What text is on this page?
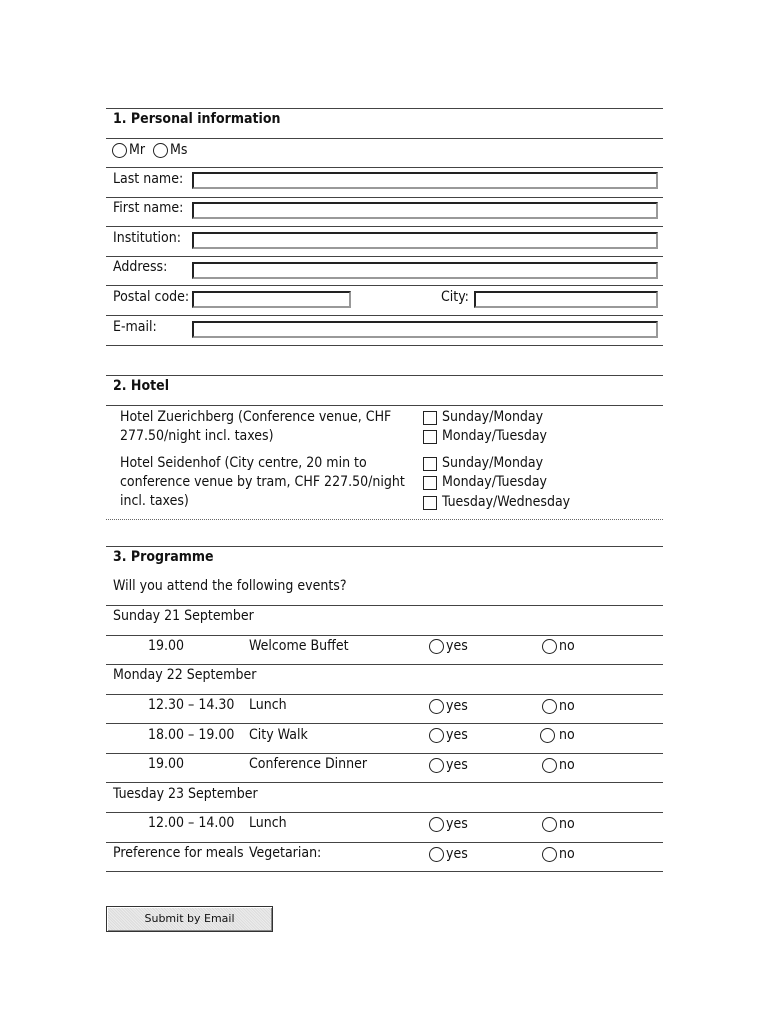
1. Personal information
Mr Ms
Last name:
First name:
Institution:
Address:
Postal code:	City:
E-mail:
2. Hotel
Hotel Zuerichberg (Conference venue, CHF 277.50/night incl. taxes)
Sunday/Monday
Monday/Tuesday
Hotel Seidenhof (City centre, 20 min to conference venue by tram, CHF 227.50/night incl. taxes)
Sunday/Monday
Monday/Tuesday
Tuesday/Wednesday
3. Programme
Will you attend the following events?
Sunday 21 September
19.00	Welcome Buffet	yes	no
Monday 22 September
12.30 – 14.30 Lunch	yes	no
18.00 – 19.00 City Walk	yes	no
19.00	Conference Dinner	yes	no
Tuesday 23 September
12.00 – 14.00 Lunch	yes	no
Preference for meals Vegetarian:	yes	no
Submit by Email
